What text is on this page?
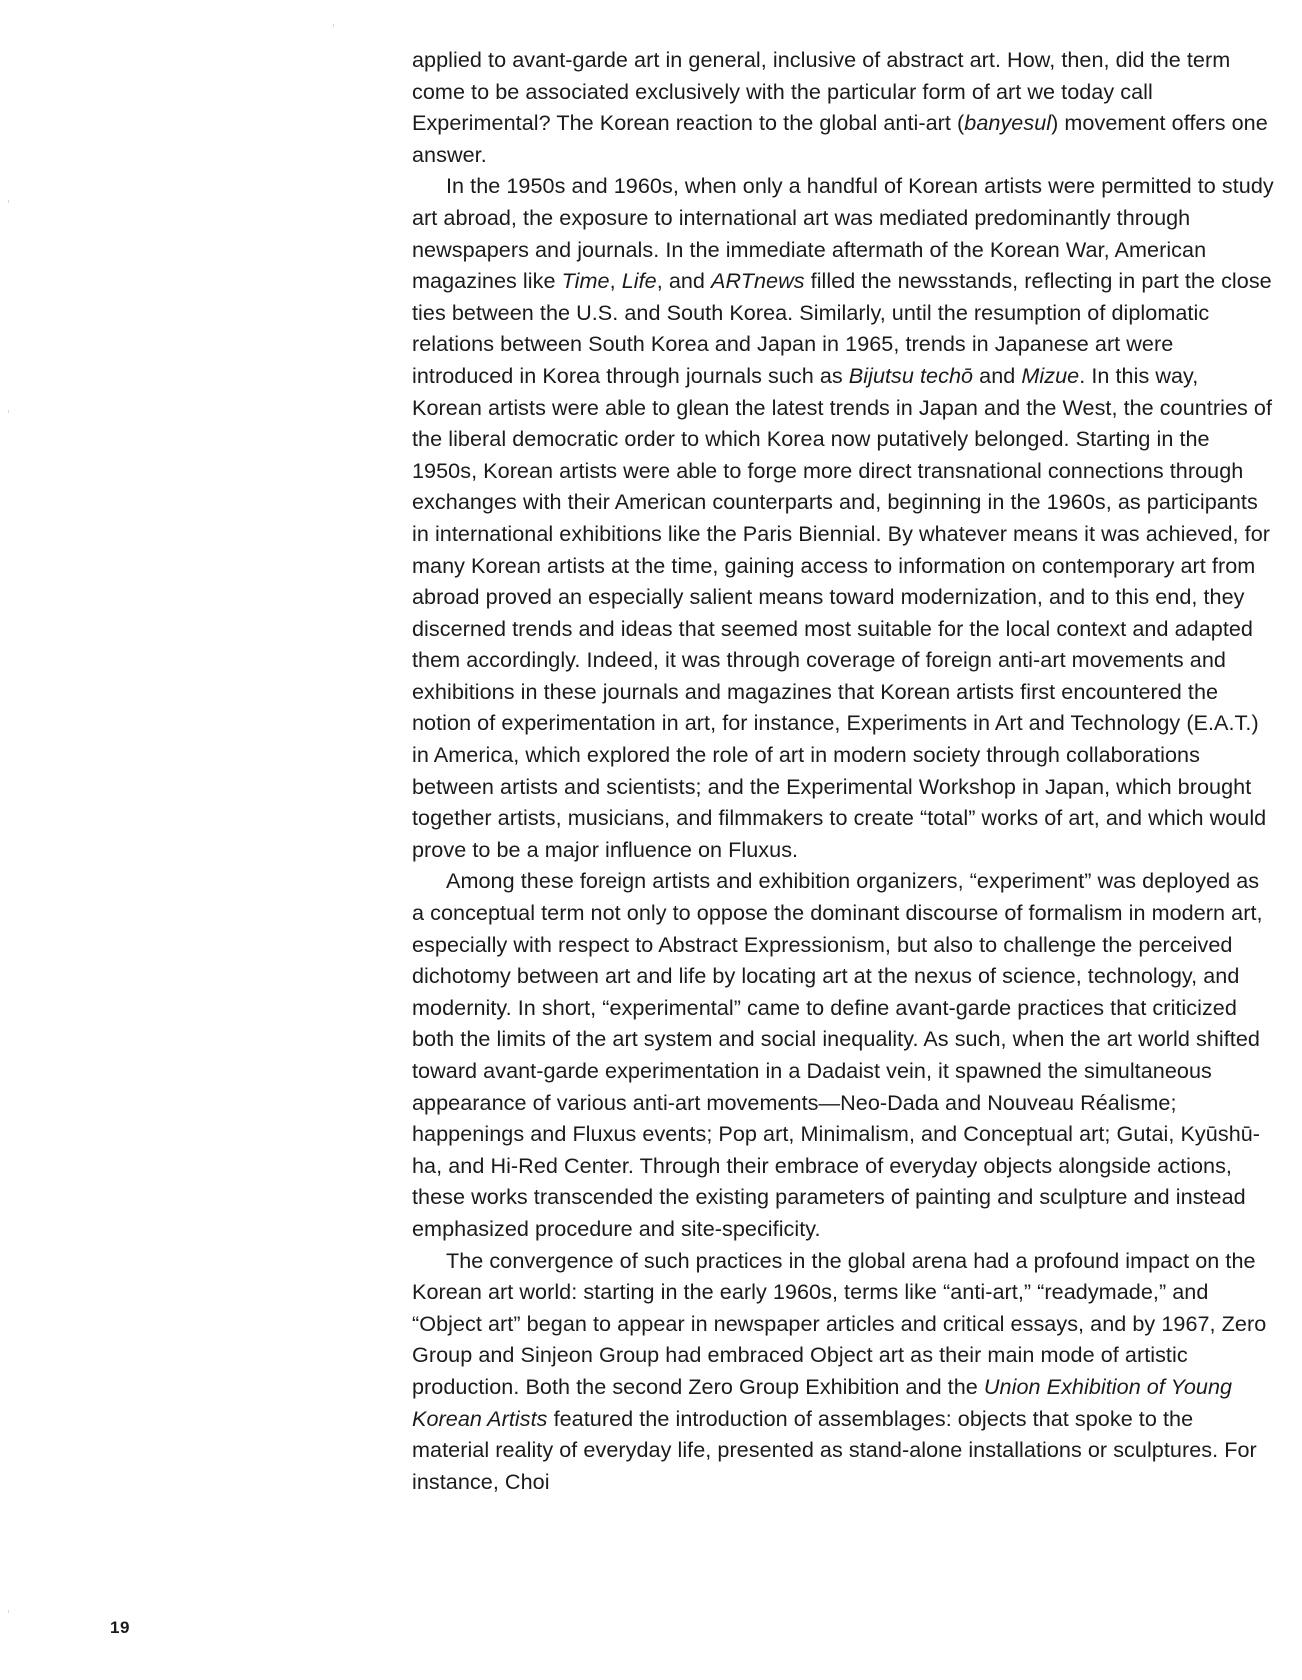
applied to avant-garde art in general, inclusive of abstract art. How, then, did the term come to be associated exclusively with the particular form of art we today call Experimental? The Korean reaction to the global anti-art (banyesul) movement offers one answer.

In the 1950s and 1960s, when only a handful of Korean artists were permitted to study art abroad, the exposure to international art was mediated predominantly through newspapers and journals. In the immediate aftermath of the Korean War, American magazines like Time, Life, and ARTnews filled the newsstands, reflecting in part the close ties between the U.S. and South Korea. Similarly, until the resumption of diplomatic relations between South Korea and Japan in 1965, trends in Japanese art were introduced in Korea through journals such as Bijutsu techō and Mizue. In this way, Korean artists were able to glean the latest trends in Japan and the West, the countries of the liberal democratic order to which Korea now putatively belonged. Starting in the 1950s, Korean artists were able to forge more direct transnational connections through exchanges with their American counterparts and, beginning in the 1960s, as participants in international exhibitions like the Paris Biennial. By whatever means it was achieved, for many Korean artists at the time, gaining access to information on contemporary art from abroad proved an especially salient means toward modernization, and to this end, they discerned trends and ideas that seemed most suitable for the local context and adapted them accordingly. Indeed, it was through coverage of foreign anti-art movements and exhibitions in these journals and magazines that Korean artists first encountered the notion of experimentation in art, for instance, Experiments in Art and Technology (E.A.T.) in America, which explored the role of art in modern society through collaborations between artists and scientists; and the Experimental Workshop in Japan, which brought together artists, musicians, and filmmakers to create “total” works of art, and which would prove to be a major influence on Fluxus.

Among these foreign artists and exhibition organizers, “experiment” was deployed as a conceptual term not only to oppose the dominant discourse of formalism in modern art, especially with respect to Abstract Expressionism, but also to challenge the perceived dichotomy between art and life by locating art at the nexus of science, technology, and modernity. In short, “experimental” came to define avant-garde practices that criticized both the limits of the art system and social inequality. As such, when the art world shifted toward avant-garde experimentation in a Dadaist vein, it spawned the simultaneous appearance of various anti-art movements—Neo-Dada and Nouveau Réalisme; happenings and Fluxus events; Pop art, Minimalism, and Conceptual art; Gutai, Kyūshū-ha, and Hi-Red Center. Through their embrace of everyday objects alongside actions, these works transcended the existing parameters of painting and sculpture and instead emphasized procedure and site-specificity.

The convergence of such practices in the global arena had a profound impact on the Korean art world: starting in the early 1960s, terms like “anti-art,” “readymade,” and “Object art” began to appear in newspaper articles and critical essays, and by 1967, Zero Group and Sinjeon Group had embraced Object art as their main mode of artistic production. Both the second Zero Group Exhibition and the Union Exhibition of Young Korean Artists featured the introduction of assemblages: objects that spoke to the material reality of everyday life, presented as stand-alone installations or sculptures. For instance, Choi

19
